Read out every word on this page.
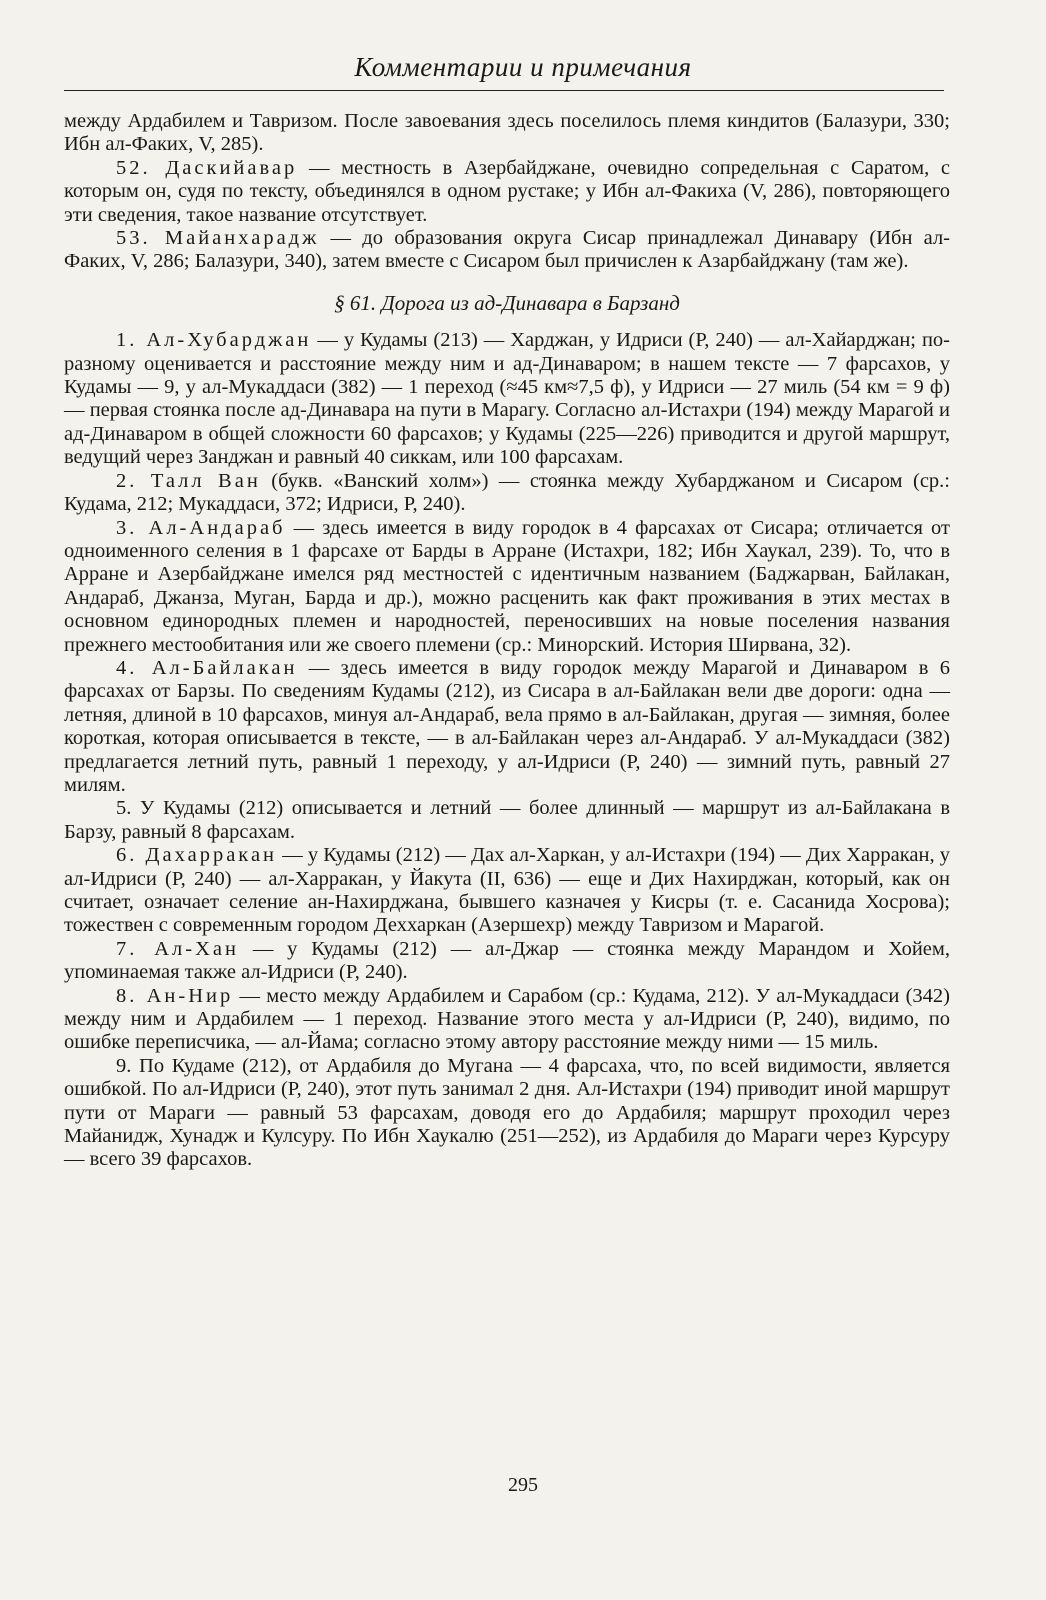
Комментарии и примечания

между Ардабилем и Тавризом. После завоевания здесь поселилось племя киндитов (Балазури, 330; Ибн ал-Факих, V, 285).

52. Даскийавар — местность в Азербайджане, очевидно сопредельная с Саратом, с которым он, судя по тексту, объединялся в одном рустаке; у Ибн ал-Факиха (V, 286), повторяющего эти сведения, такое название отсутствует.

53. Майанхарадж — до образования округа Сисар принадлежал Динавару (Ибн ал-Факих, V, 286; Балазури, 340), затем вместе с Сисаром был причислен к Азарбайджану (там же).

§ 61. Дорога из ад-Динавара в Барзанд

1. Ал-Хубарджан — у Кудамы (213) — Харджан, у Идриси (Р, 240) — ал-Хайарджан; по-разному оценивается и расстояние между ним и ад-Динаваром; в нашем тексте — 7 фарсахов, у Кудамы — 9, у ал-Мукаддаси (382) — 1 переход (≈45 км≈7,5 ф), у Идриси — 27 миль (54 км = 9 ф) — первая стоянка после ад-Динавара на пути в Марагу. Согласно ал-Истахри (194) между Марагой и ад-Динаваром в общей сложности 60 фарсахов; у Кудамы (225—226) приводится и другой маршрут, ведущий через Занджан и равный 40 сиккам, или 100 фарсахам.

2. Талл Ван (букв. «Ванский холм») — стоянка между Хубарджаном и Сисаром (ср.: Кудама, 212; Мукаддаси, 372; Идриси, Р, 240).

3. Ал-Андараб — здесь имеется в виду городок в 4 фарсахах от Сисара; отличается от одноименного селения в 1 фарсахе от Барды в Арране (Истахри, 182; Ибн Хаукал, 239). То, что в Арране и Азербайджане имелся ряд местностей с идентичным названием (Баджарван, Байлакан, Андараб, Джанза, Муган, Барда и др.), можно расценить как факт проживания в этих местах в основном единородных племен и народностей, переносивших на новые поселения названия прежнего местообитания или же своего племени (ср.: Минорский. История Ширвана, 32).

4. Ал-Байлакан — здесь имеется в виду городок между Марагой и Динаваром в 6 фарсахах от Барзы. По сведениям Кудамы (212), из Сисара в ал-Байлакан вели две дороги: одна — летняя, длиной в 10 фарсахов, минуя ал-Андараб, вела прямо в ал-Байлакан, другая — зимняя, более короткая, которая описывается в тексте, — в ал-Байлакан через ал-Андараб. У ал-Мукаддаси (382) предлагается летний путь, равный 1 переходу, у ал-Идриси (Р, 240) — зимний путь, равный 27 милям.

5. У Кудамы (212) описывается и летний — более длинный — маршрут из ал-Байлакана в Барзу, равный 8 фарсахам.

6. Дахарракан — у Кудамы (212) — Дах ал-Харкан, у ал-Истахри (194) — Дих Харракан, у ал-Идриси (Р, 240) — ал-Харракан, у Йакута (II, 636) — еще и Дих Нахирджан, который, как он считает, означает селение ан-Нахирджана, бывшего казначея у Кисры (т. е. Сасанида Хосрова); тожествен с современным городом Деххаркан (Азершехр) между Тавризом и Марагой.

7. Ал-Хан — у Кудамы (212) — ал-Джар — стоянка между Марандом и Хойем, упоминаемая также ал-Идриси (Р, 240).

8. Ан-Нир — место между Ардабилем и Сарабом (ср.: Кудама, 212). У ал-Мукаддаси (342) между ним и Ардабилем — 1 переход. Название этого места у ал-Идриси (Р, 240), видимо, по ошибке переписчика, — ал-Йама; согласно этому автору расстояние между ними — 15 миль.

9. По Кудаме (212), от Ардабиля до Мугана — 4 фарсаха, что, по всей видимости, является ошибкой. По ал-Идриси (Р, 240), этот путь занимал 2 дня. Ал-Истахри (194) приводит иной маршрут пути от Мараги — равный 53 фарсахам, доводя его до Ардабиля; маршрут проходил через Майанидж, Хунадж и Кулсуру. По Ибн Хаукалю (251—252), из Ардабиля до Мараги через Курсуру — всего 39 фарсахов.

295
